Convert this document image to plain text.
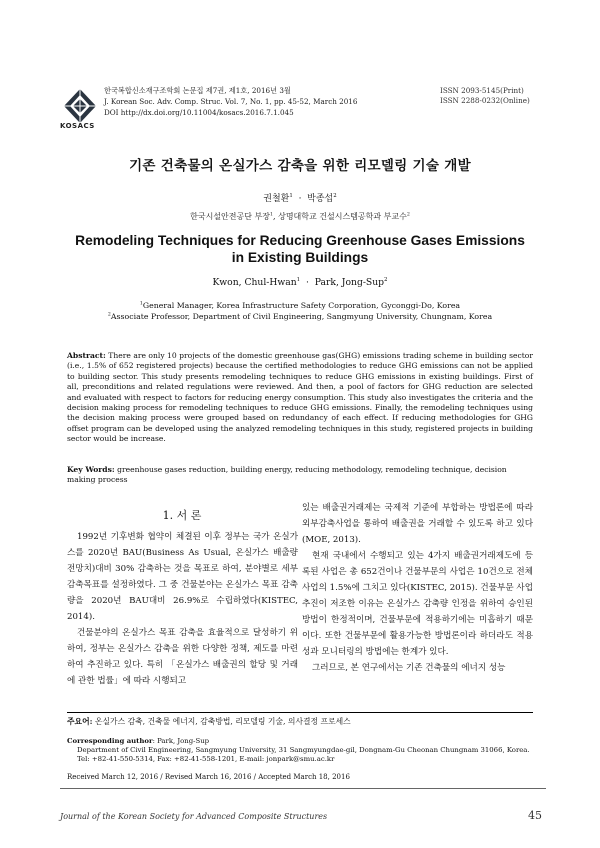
KOSACS
한국복합신소재구조학회 논문집 제7권, 제1호, 2016년 3월
J. Korean Soc. Adv. Comp. Struc. Vol. 7, No. 1, pp. 45-52, March 2016
DOI http://dx.doi.org/10.11004/kosacs.2016.7.1.045
ISSN 2093-5145(Print)
ISSN 2288-0232(Online)
기존 건축물의 온실가스 감축을 위한 리모델링 기술 개발
권철환$^1$ · 박종섭$^2$
한국시설안전공단 부장$^1$, 상명대학교 건설시스템공학과 부교수$^2$
Remodeling Techniques for Reducing Greenhouse Gases Emissions
in Existing Buildings
Kwon, Chul-Hwan$^1$ · Park, Jong-Sup$^2$
$^1$General Manager, Korea Infrastructure Safety Corporation, Gyconggi-Do, Korea
$^2$Associate Professor, Department of Civil Engineering, Sangmyung University, Chungnam, Korea
Abstract: There are only 10 projects of the domestic greenhouse gas(GHG) emissions trading scheme in building sector (i.e., 1.5% of 652 registered projects) because the certified methodologies to reduce GHG emissions can not be applied to building sector. This study presents remodeling techniques to reduce GHG emissions in existing buildings. First of all, preconditions and related regulations were reviewed. And then, a pool of factors for GHG reduction are selected and evaluated with respect to factors for reducing energy consumption. This study also investigates the criteria and the decision making process for remodeling techniques to reduce GHG emissions. Finally, the remodeling techniques using the decision making process were grouped based on redundancy of each effect. If reducing methodologies for GHG offset program can be developed using the analyzed remodeling techniques in this study, registered projects in building sector would be increase.
Key Words: greenhouse gases reduction, building energy, reducing methodology, remodeling technique, decision making process
1. 서 론

1992년 기후변화 협약이 체결된 이후 정부는 국가 온실가스를 2020년 BAU(Business As Usual, 온실가스 배출량 전망치)대비 30% 감축하는 것을 목표로 하여, 분야별로 세부 감축목표를 설정하였다. 그 중 건물분야는 온실가스 목표 감축량을 2020년 BAU대비 26.9%로 수립하였다(KISTEC, 2014).

건물분야의 온실가스 목표 감축을 효율적으로 달성하기 위하여, 정부는 온실가스 감축을 위한 다양한 정책, 제도를 마련하여 추진하고 있다. 특히 「온실가스 배출권의 할당 및 거래에 관한 법률」에 따라 시행되고

있는 배출권거래제는 국제적 기준에 부합하는 방법론에 따라 외부감축사업을 통하여 배출권을 거래할 수 있도록 하고 있다(MOE, 2013).

현재 국내에서 수행되고 있는 4가지 배출권거래제도에 등록된 사업은 총 652건이나 건물부문의 사업은 10건으로 전체 사업의 1.5%에 그치고 있다(KISTEC, 2015). 건물부문 사업추진이 저조한 이유는 온실가스 감축량 인정을 위하여 승인된 방법이 한정적이며, 건물부문에 적용하기에는 미흡하기 때문이다. 또한 건물부문에 활용가능한 방법론이라 하더라도 적용성과 모니터링의 방법에는 한계가 있다.

그러므로, 본 연구에서는 기존 건축물의 에너지 성능

주요어: 온실가스 감축, 건축물 에너지, 감축방법, 리모델링 기술, 의사결정 프로세스
Corresponding author: Park, Jong-Sup
Department of Civil Engineering, Sangmyung University, 31 Sangmyungdae-gil, Dongnam-Gu Cheonan Chungnam 31066, Korea.
Tel: +82-41-550-5314, Fax: +82-41-558-1201, E-mail: jonpark@smu.ac.kr
Received March 12, 2016 / Revised March 16, 2016 / Accepted March 18, 2016
Journal of the Korean Society for Advanced Composite Structures	45
